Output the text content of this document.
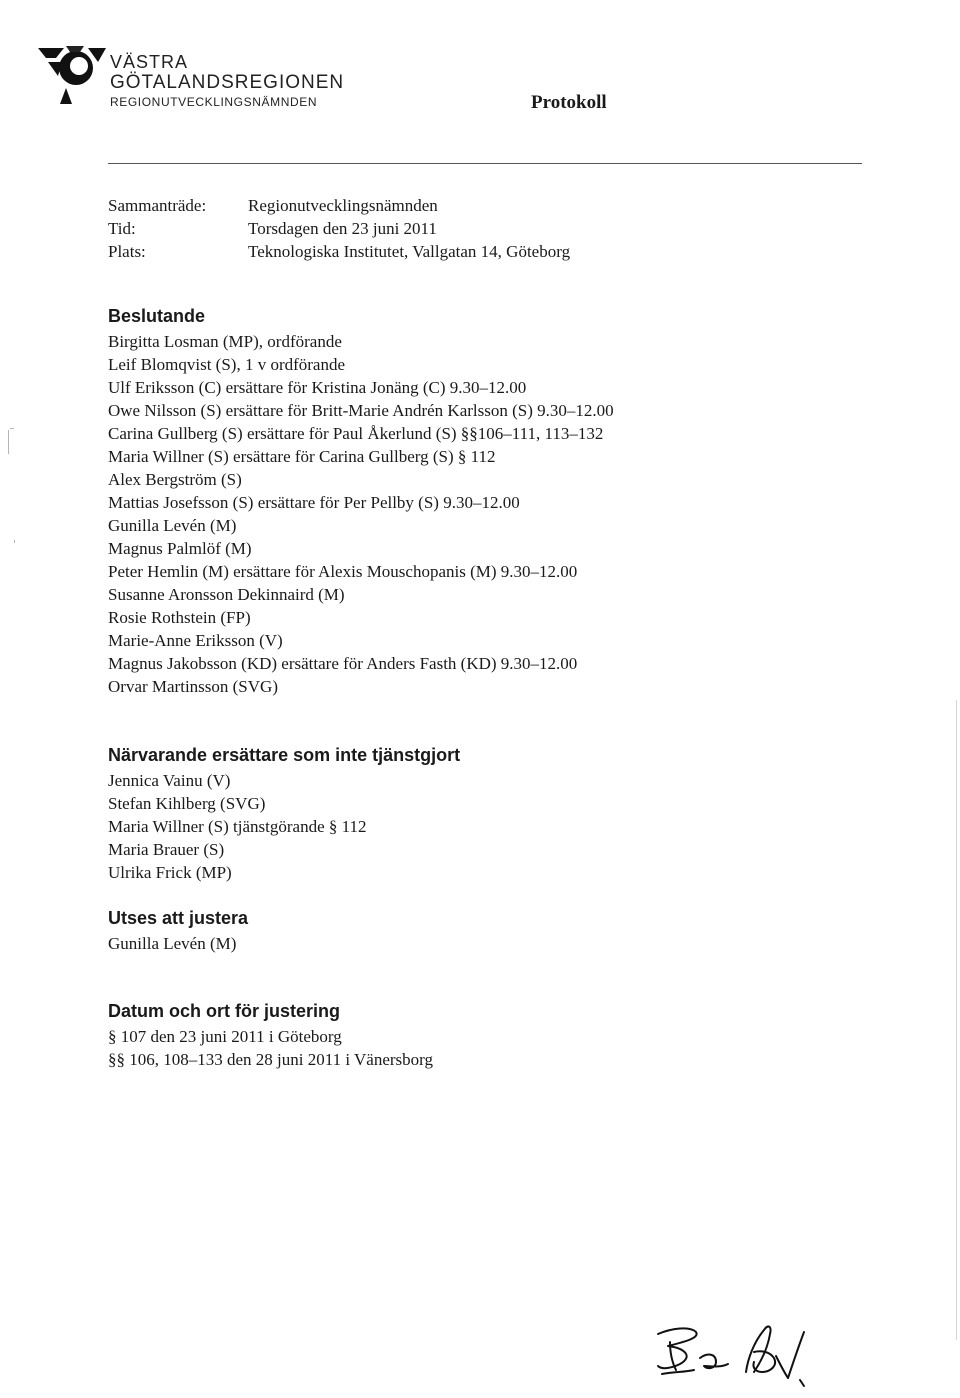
VÄSTRA
GÖTALANDSREGIONEN
REGIONUTVECKLINGSNÄMNDEN	Protokoll
Sammanträde:	Regionutvecklingsnämnden
Tid:	Torsdagen den 23 juni 2011
Plats:	Teknologiska Institutet, Vallgatan 14, Göteborg
Beslutande
Birgitta Losman (MP), ordförande
Leif Blomqvist (S), 1 v ordförande
Ulf Eriksson (C) ersättare för Kristina Jonäng (C) 9.30–12.00
Owe Nilsson (S) ersättare för Britt-Marie Andrén Karlsson (S) 9.30–12.00
Carina Gullberg (S) ersättare för Paul Åkerlund (S) §§106–111, 113–132
Maria Willner (S) ersättare för Carina Gullberg (S) § 112
Alex Bergström (S)
Mattias Josefsson (S) ersättare för Per Pellby (S) 9.30–12.00
Gunilla Levén (M)
Magnus Palmlöf (M)
Peter Hemlin (M) ersättare för Alexis Mouschopanis (M) 9.30–12.00
Susanne Aronsson Dekinnaird (M)
Rosie Rothstein (FP)
Marie-Anne Eriksson (V)
Magnus Jakobsson (KD) ersättare för Anders Fasth (KD) 9.30–12.00
Orvar Martinsson (SVG)
Närvarande ersättare som inte tjänstgjort
Jennica Vainu (V)
Stefan Kihlberg (SVG)
Maria Willner (S) tjänstgörande § 112
Maria Brauer (S)
Ulrika Frick (MP)
Utses att justera
Gunilla Levén (M)
Datum och ort för justering
§ 107 den 23 juni 2011 i Göteborg
§§ 106, 108–133 den 28 juni 2011 i Vänersborg
